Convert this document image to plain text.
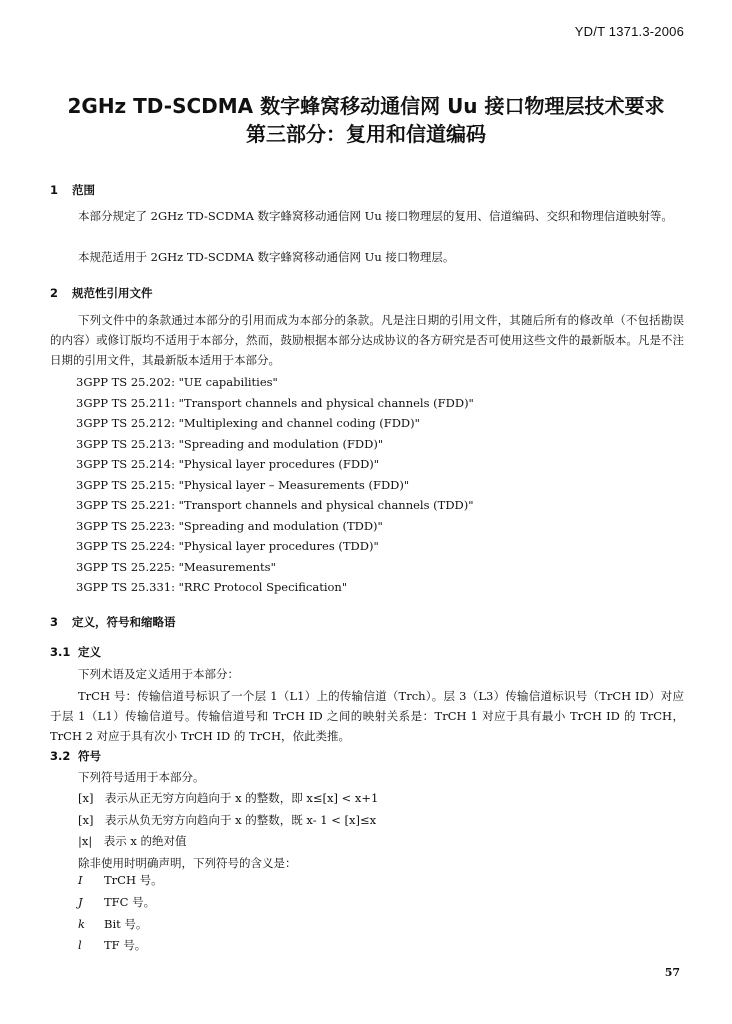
YD/T 1371.3-2006
2GHz TD-SCDMA 数字蜂窝移动通信网 Uu 接口物理层技术要求
第三部分：复用和信道编码
1 范围
本部分规定了 2GHz TD-SCDMA 数字蜂窝移动通信网 Uu 接口物理层的复用、信道编码、交织和物理信道映射等。
本规范适用于 2GHz TD-SCDMA 数字蜂窝移动通信网 Uu 接口物理层。
2 规范性引用文件
下列文件中的条款通过本部分的引用而成为本部分的条款。凡是注日期的引用文件，其随后所有的修改单（不包括勘误的内容）或修订版均不适用于本部分，然而，鼓励根据本部分达成协议的各方研究是否可使用这些文件的最新版本。凡是不注日期的引用文件，其最新版本适用于本部分。
3GPP TS 25.202: "UE capabilities"
3GPP TS 25.211: "Transport channels and physical channels (FDD)"
3GPP TS 25.212: "Multiplexing and channel coding (FDD)"
3GPP TS 25.213: "Spreading and modulation (FDD)"
3GPP TS 25.214: "Physical layer procedures (FDD)"
3GPP TS 25.215: "Physical layer – Measurements (FDD)"
3GPP TS 25.221: "Transport channels and physical channels (TDD)"
3GPP TS 25.223: "Spreading and modulation (TDD)"
3GPP TS 25.224: "Physical layer procedures (TDD)"
3GPP TS 25.225: "Measurements"
3GPP TS 25.331: "RRC Protocol Specification"
3 定义，符号和缩略语
3.1 定义
下列术语及定义适用于本部分：
TrCH 号：传输信道号标识了一个层 1（L1）上的传输信道（Trch）。层 3（L3）传输信道标识号（TrCH ID）对应于层 1（L1）传输信道号。传输信道号和 TrCH ID 之间的映射关系是：TrCH 1 对应于具有最小 TrCH ID 的 TrCH，TrCH 2 对应于具有次小 TrCH ID 的 TrCH，依此类推。
3.2 符号
下列符号适用于本部分。
[x]　表示从正无穷方向趋向于 x 的整数，即 x≤[x] < x+1
[x]　表示从负无穷方向趋向于 x 的整数，既 x- 1 < [x]≤x
|x|　表示 x 的绝对值
除非使用时明确声明，下列符号的含义是：
I TrCH 号。
J TFC 号。
k Bit 号。
l TF 号。
57
